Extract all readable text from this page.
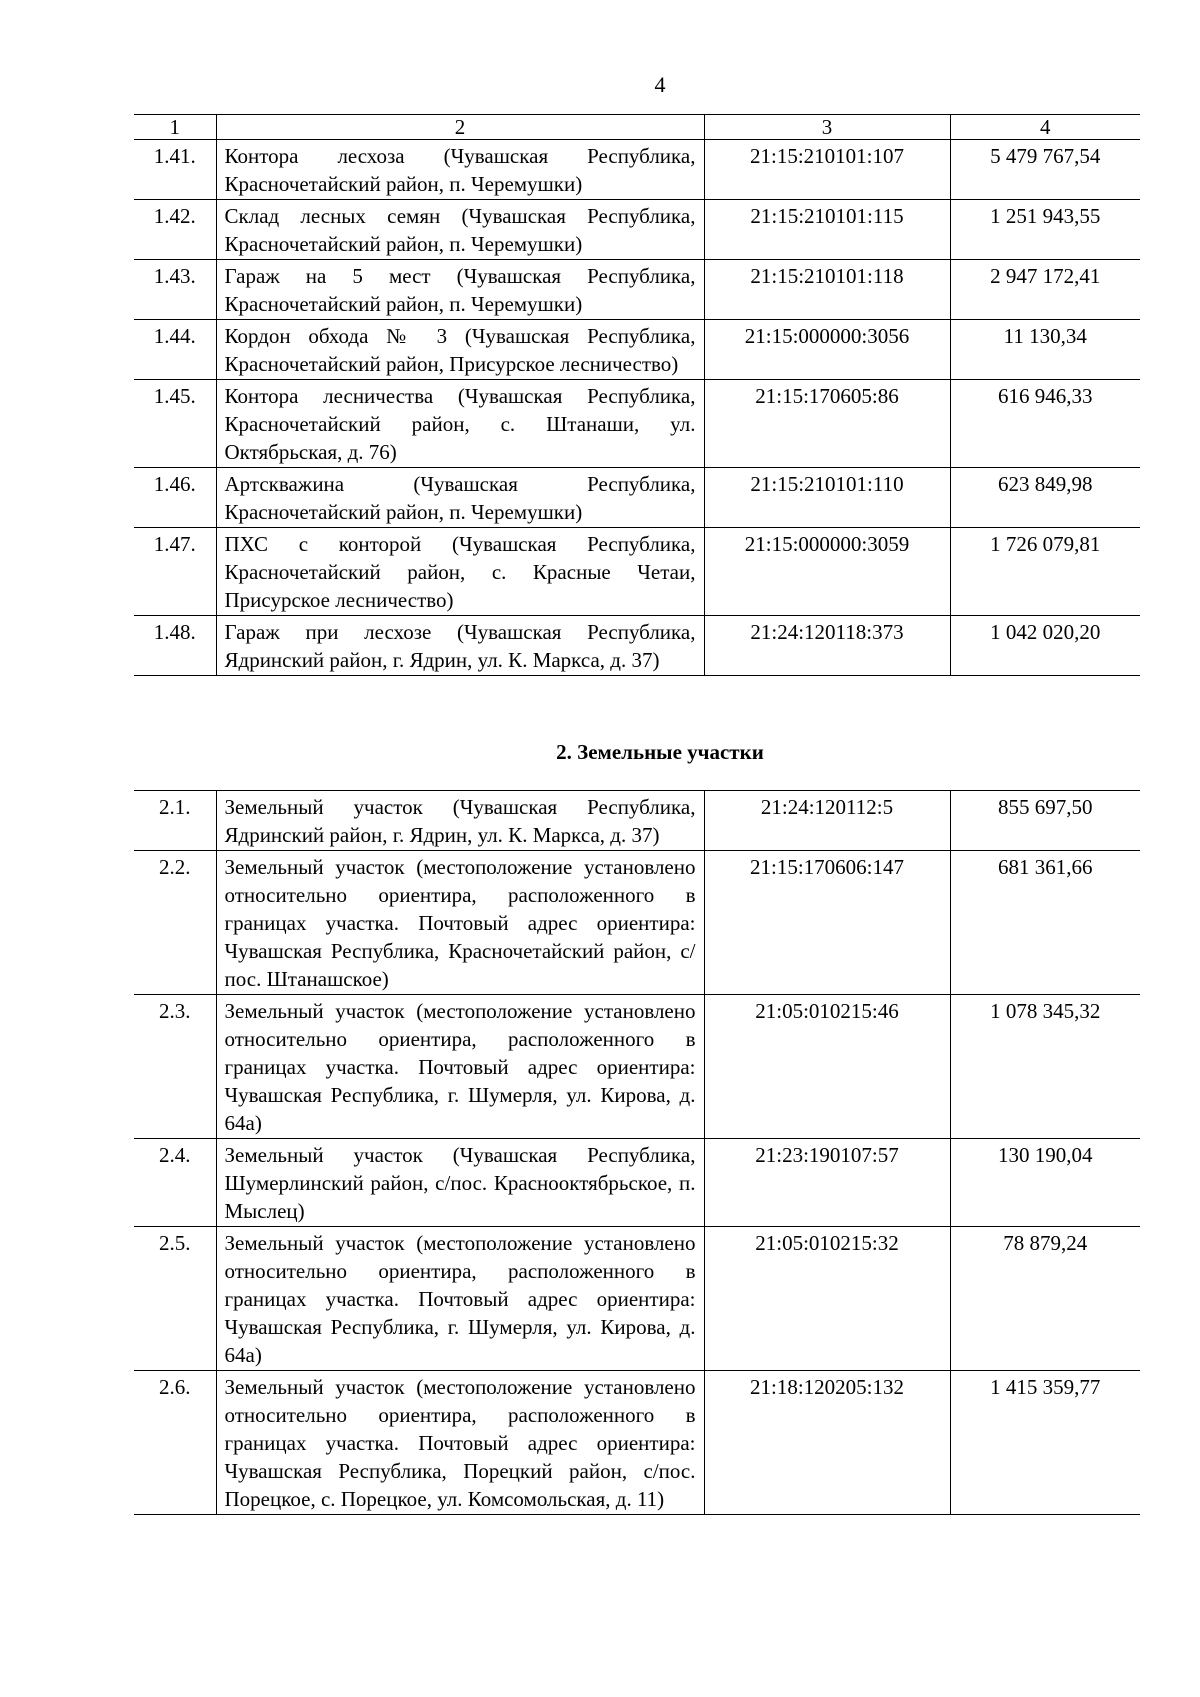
4
1	2	3	4
1.41.	Контора лесхоза (Чувашская Республика, Красночетайский район, п. Черемушки)	21:15:210101:107	5 479 767,54
1.42.	Склад лесных семян (Чувашская Республика, Красночетайский район, п. Черемушки)	21:15:210101:115	1 251 943,55
1.43.	Гараж на 5 мест (Чувашская Республика, Красночетайский район, п. Черемушки)	21:15:210101:118	2 947 172,41
1.44.	Кордон обхода № 3 (Чувашская Республика, Красночетайский район, Присурское лесничество)	21:15:000000:3056	11 130,34
1.45.	Контора лесничества (Чувашская Республика, Красночетайский район, с. Штанаши, ул. Октябрьская, д. 76)	21:15:170605:86	616 946,33
1.46.	Артскважина (Чувашская Республика, Красночетайский район, п. Черемушки)	21:15:210101:110	623 849,98
1.47.	ПХС с конторой (Чувашская Республика, Красночетайский район, с. Красные Четаи, Присурское лесничество)	21:15:000000:3059	1 726 079,81
1.48.	Гараж при лесхозе (Чувашская Республика, Ядринский район, г. Ядрин, ул. К. Маркса, д. 37)	21:24:120118:373	1 042 020,20
2. Земельные участки
2.1.	Земельный участок (Чувашская Республика, Ядринский район, г. Ядрин, ул. К. Маркса, д. 37)	21:24:120112:5	855 697,50
2.2.	Земельный участок (местоположение установлено относительно ориентира, расположенного в границах участка. Почтовый адрес ориентира: Чувашская Республика, Красночетайский район, с/пос. Штанашское)	21:15:170606:147	681 361,66
2.3.	Земельный участок (местоположение установлено относительно ориентира, расположенного в границах участка. Почтовый адрес ориентира: Чувашская Республика, г. Шумерля, ул. Кирова, д. 64а)	21:05:010215:46	1 078 345,32
2.4.	Земельный участок (Чувашская Республика, Шумерлинский район, с/пос. Краснооктябрьское, п. Мыслец)	21:23:190107:57	130 190,04
2.5.	Земельный участок (местоположение установлено относительно ориентира, расположенного в границах участка. Почтовый адрес ориентира: Чувашская Республика, г. Шумерля, ул. Кирова, д. 64а)	21:05:010215:32	78 879,24
2.6.	Земельный участок (местоположение установлено относительно ориентира, расположенного в границах участка. Почтовый адрес ориентира: Чувашская Республика, Порецкий район, с/пос. Порецкое, с. Порецкое, ул. Комсомольская, д. 11)	21:18:120205:132	1 415 359,77
